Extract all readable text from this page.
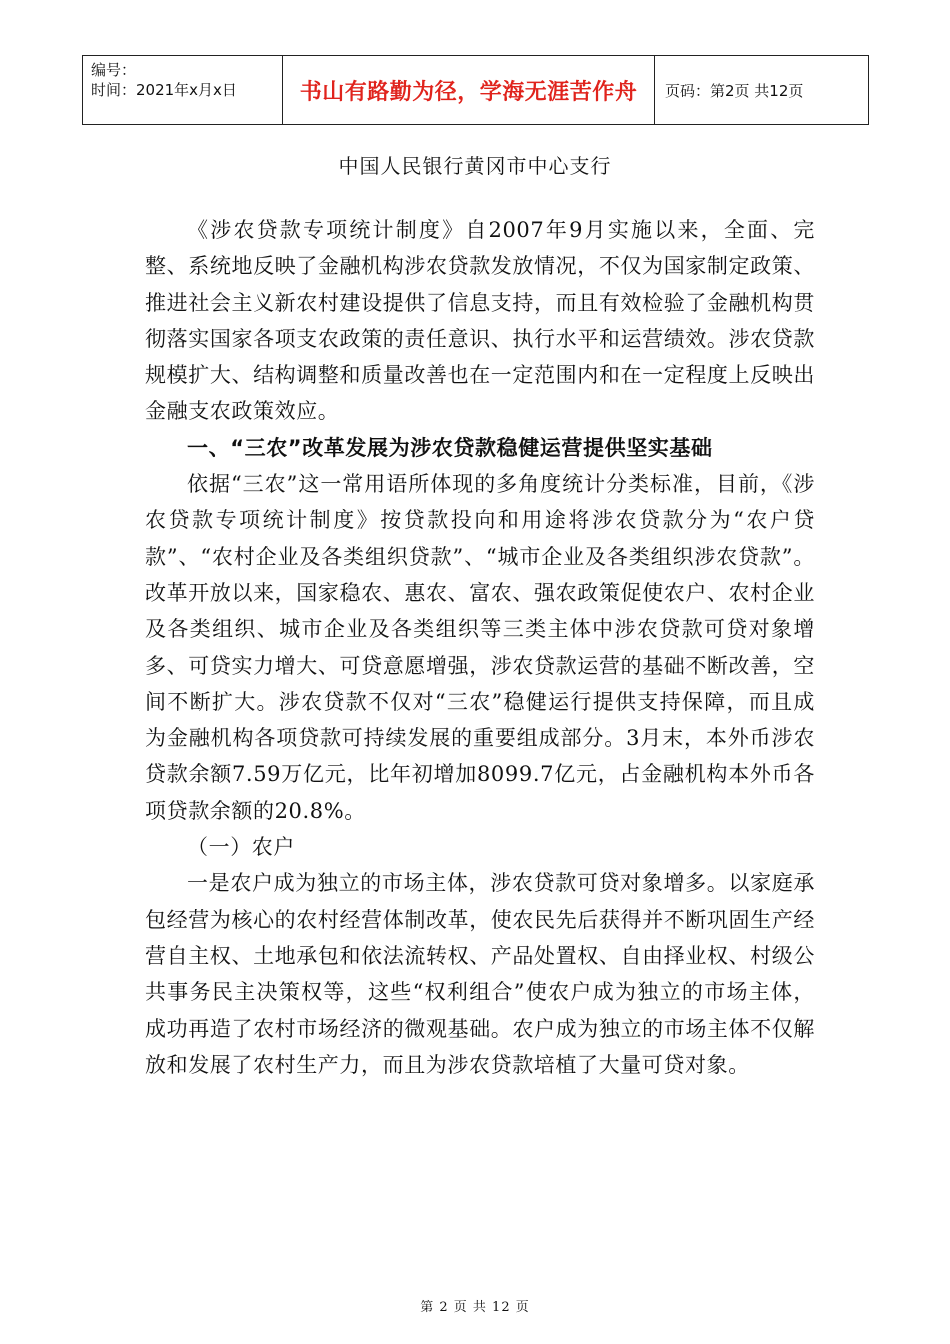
编号：
时间：2021年x月x日	书山有路勤为径，学海无涯苦作舟 页码：第2页 共12页
中国人民银行黄冈市中心支行

《涉农贷款专项统计制度》自2007年9月实施以来，全面、完整、系统地反映了金融机构涉农贷款发放情况，不仅为国家制定政策、推进社会主义新农村建设提供了信息支持，而且有效检验了金融机构贯彻落实国家各项支农政策的责任意识、执行水平和运营绩效。涉农贷款规模扩大、结构调整和质量改善也在一定范围内和在一定程度上反映出金融支农政策效应。

一、“三农”改革发展为涉农贷款稳健运营提供坚实基础

依据“三农”这一常用语所体现的多角度统计分类标准，目前，《涉农贷款专项统计制度》按贷款投向和用途将涉农贷款分为“农户贷款”、“农村企业及各类组织贷款”、“城市企业及各类组织涉农贷款”。改革开放以来，国家稳农、惠农、富农、强农政策促使农户、农村企业及各类组织、城市企业及各类组织等三类主体中涉农贷款可贷对象增多、可贷实力增大、可贷意愿增强，涉农贷款运营的基础不断改善，空间不断扩大。涉农贷款不仅对“三农”稳健运行提供支持保障，而且成为金融机构各项贷款可持续发展的重要组成部分。3月末，本外币涉农贷款余额7.59万亿元，比年初增加8099.7亿元，占金融机构本外币各项贷款余额的20.8%。

（一）农户

一是农户成为独立的市场主体，涉农贷款可贷对象增多。以家庭承包经营为核心的农村经营体制改革，使农民先后获得并不断巩固生产经营自主权、土地承包和依法流转权、产品处置权、自由择业权、村级公共事务民主决策权等，这些“权利组合”使农户成为独立的市场主体，成功再造了农村市场经济的微观基础。农户成为独立的市场主体不仅解放和发展了农村生产力，而且为涉农贷款培植了大量可贷对象。

第 2 页 共 12 页
